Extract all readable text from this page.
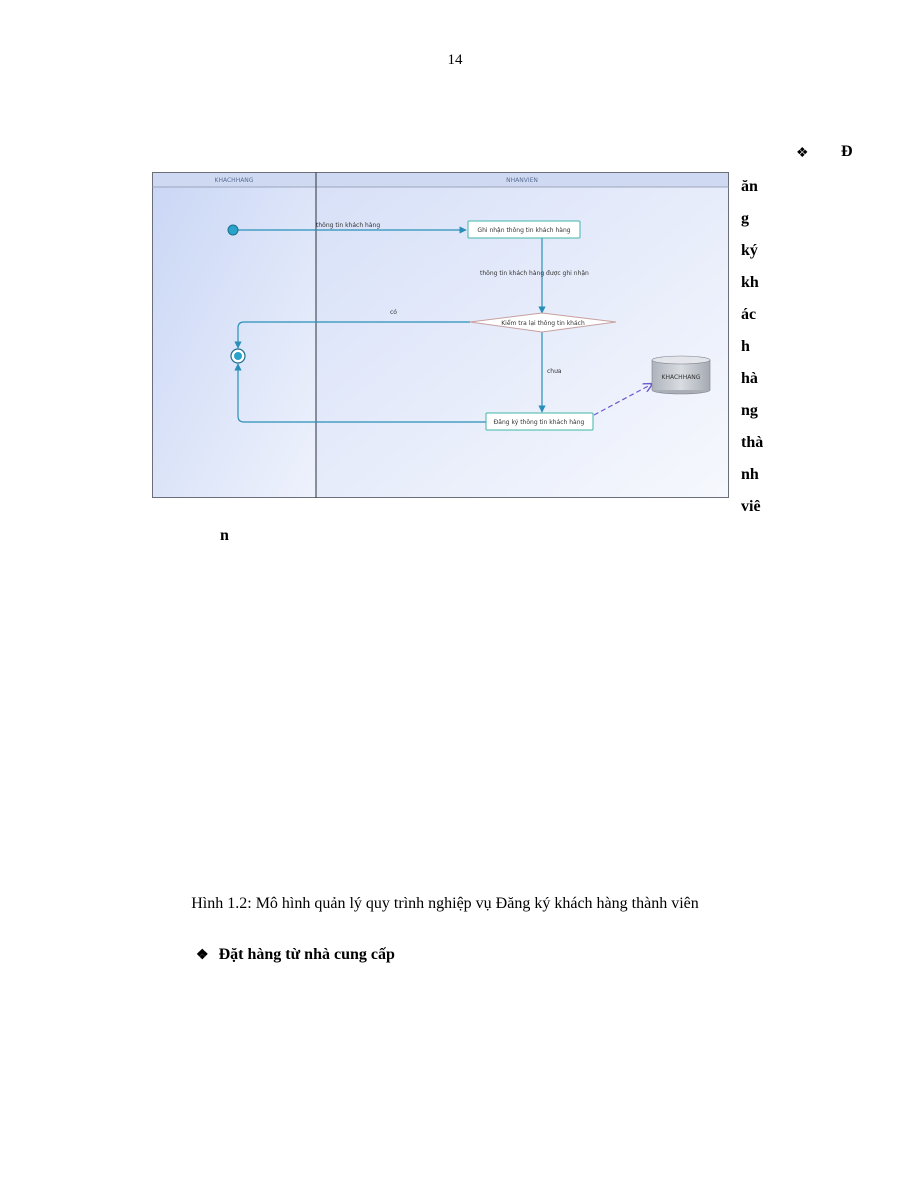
14
❖ Đ
ăn
g
ký
kh
ác
h
hà
ng
thà
nh
viê
n
KHACHHANG	NHANVIEN
thông tin khách hàng
thông tin khách hàng được ghi nhận
có
chưa
Ghi nhận thông tin khách hàng
Kiểm tra lại thông tin khách
Đăng ký thông tin khách hàng
KHACHHANG
Hình 1.2: Mô hình quản lý quy trình nghiệp vụ Đăng ký khách hàng thành viên
❖ Đặt hàng từ nhà cung cấp
